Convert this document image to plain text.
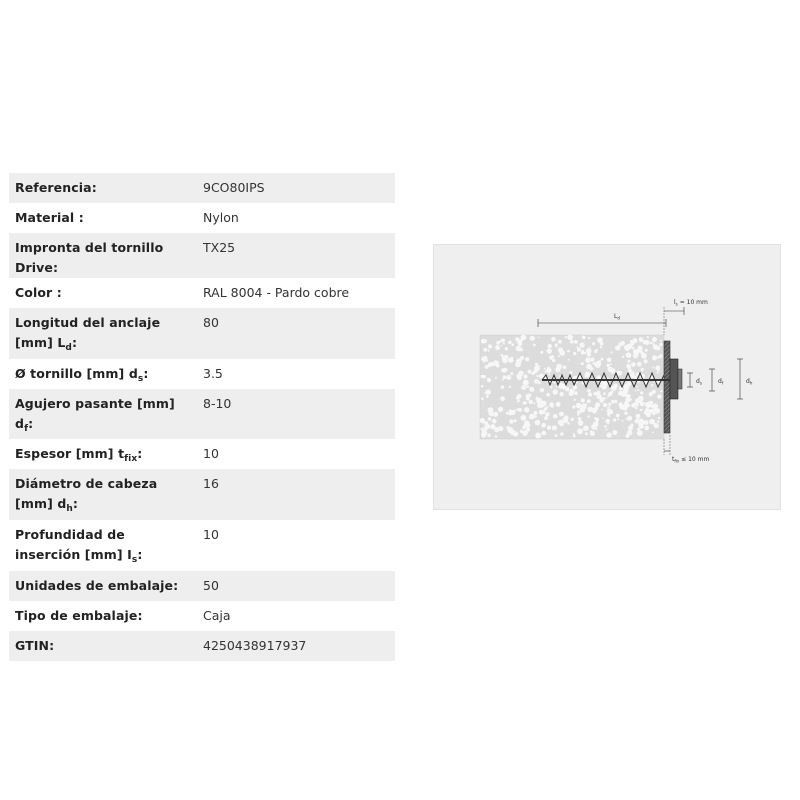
Referencia:	9CO80IPS
Material :	Nylon
Impronta del tornillo Drive:	TX25
Color :	RAL 8004 - Pardo cobre
Longitud del anclaje [mm] $L_d$:	80
Ø tornillo [mm] $d_s$:	3.5
Agujero pasante [mm] $d_f$:	8-10
Espesor [mm] $t_{fix}$:	10
Diámetro de cabeza [mm] $d_h$:	16
Profundidad de inserción [mm] $I_s$:	10
Unidades de embalaje:	50
Tipo de embalaje:	Caja
GTIN:	4250438917937
$L_d$
$l_s = 10$ mm
$t_{fix} \le 10$ mm
$d_s$	$d_f$	$d_h$
